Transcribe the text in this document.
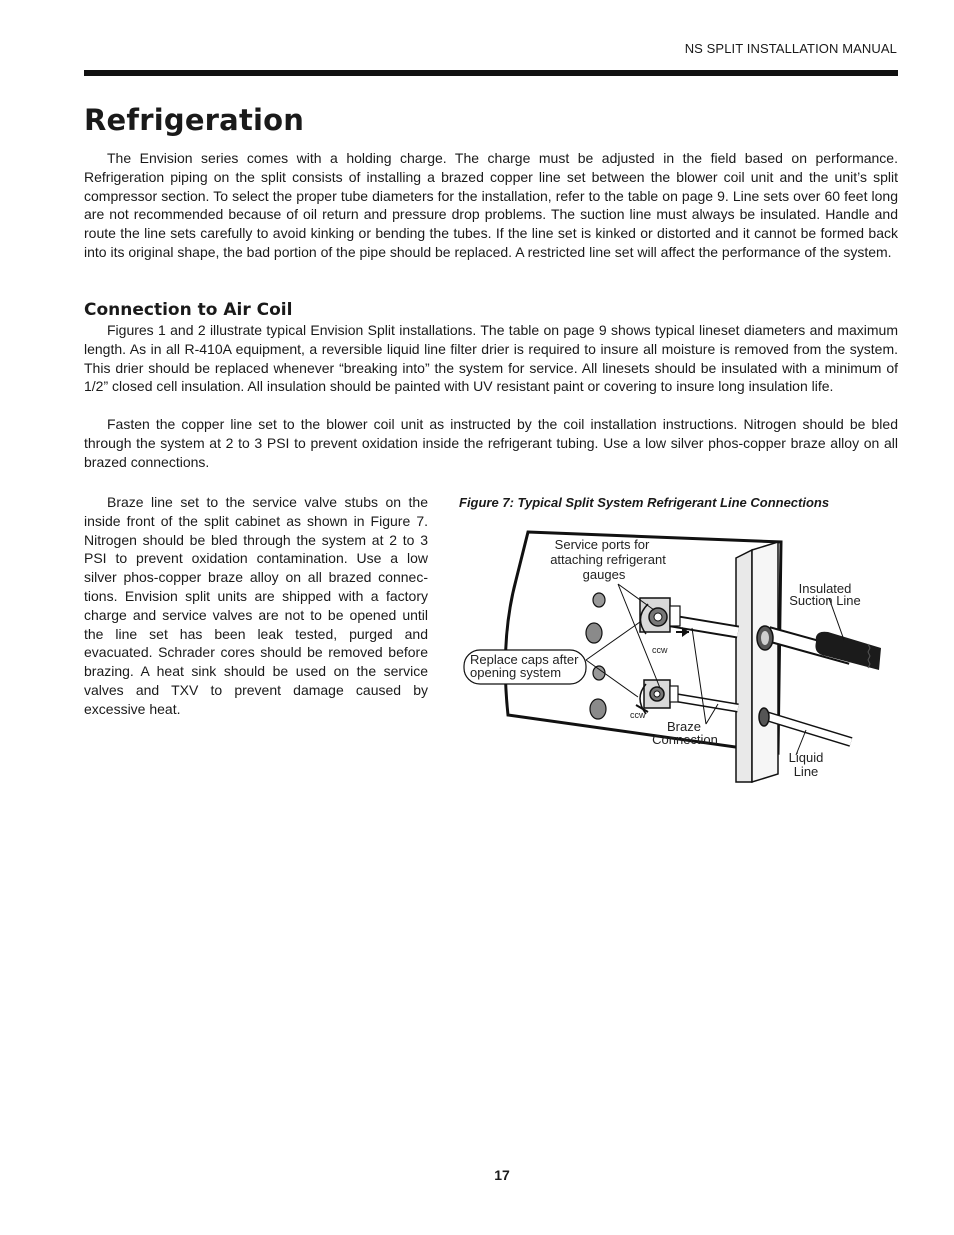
NS SPLIT INSTALLATION MANUAL
Refrigeration

The Envision series comes with a holding charge. The charge must be adjusted in the field based on performance. Refrigeration piping on the split consists of installing a brazed copper line set between the blower coil unit and the unit’s split compressor section. To select the proper tube diameters for the installation, refer to the table on page 9. Line sets over 60 feet long are not recommended because of oil return and pressure drop problems. The suction line must always be insulated. Handle and route the line sets carefully to avoid kinking or bending the tubes. If the line set is kinked or distorted and it cannot be formed back into its original shape, the bad portion of the pipe should be replaced. A restricted line set will affect the performance of the system.

Connection to Air Coil

Figures 1 and 2 illustrate typical Envision Split installations. The table on page 9 shows typical lineset diameters and maximum length. As in all R-410A equipment, a reversible liquid line filter drier is required to insure all moisture is removed from the system. This drier should be replaced whenever “breaking into” the system for service. All linesets should be insulated with a minimum of 1/2” closed cell insulation. All insulation should be painted with UV resistant paint or covering to insure long insulation life.

Fasten the copper line set to the blower coil unit as instructed by the coil installation instructions. Nitrogen should be bled through the system at 2 to 3 PSI to prevent oxidation inside the refrigerant tubing. Use a low silver phos-copper braze alloy on all brazed connections.

Braze line set to the service valve stubs on the inside front of the split cabinet as shown in Figure 7. Nitrogen should be bled through the system at 2 to 3 PSI to prevent oxidation contamination. Use a low silver phos-copper braze alloy on all brazed connections. Envision split units are shipped with a factory charge and service valves are not to be opened until the line set has been leak tested, purged and evacuated. Schrader cores should be removed before brazing. A heat sink should be used on the service valves and TXV to prevent damage caused by excessive heat.

Figure 7: Typical Split System Refrigerant Line Connections

Service ports for
attaching refrigerant
gauges
Insulated
Suction Line
Replace caps after
opening system
ccw
ccw
Braze
Connection
Liquid
Line
17
